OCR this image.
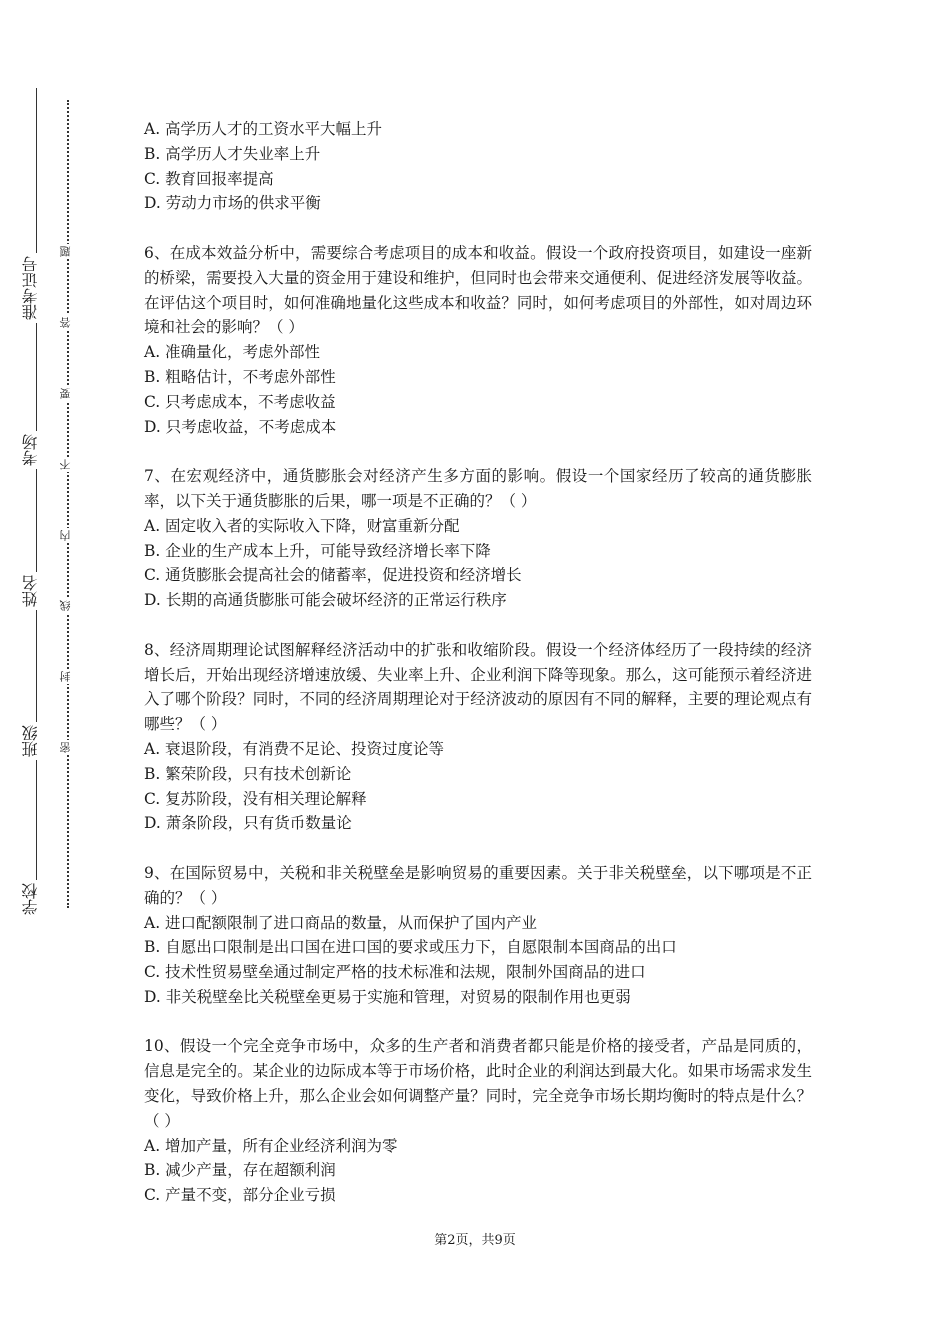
学校
班级
姓名
考场
准考证号
密
封
线
内
不
要
答
题
A. 高学历人才的工资水平大幅上升
B. 高学历人才失业率上升
C. 教育回报率提高
D. 劳动力市场的供求平衡
6、在成本效益分析中，需要综合考虑项目的成本和收益。假设一个政府投资项目，如建设一座新的桥梁，需要投入大量的资金用于建设和维护，但同时也会带来交通便利、促进经济发展等收益。在评估这个项目时，如何准确地量化这些成本和收益？同时，如何考虑项目的外部性，如对周边环境和社会的影响？（ ）
A. 准确量化，考虑外部性
B. 粗略估计，不考虑外部性
C. 只考虑成本，不考虑收益
D. 只考虑收益，不考虑成本
7、在宏观经济中，通货膨胀会对经济产生多方面的影响。假设一个国家经历了较高的通货膨胀率，以下关于通货膨胀的后果，哪一项是不正确的？（ ）
A. 固定收入者的实际收入下降，财富重新分配
B. 企业的生产成本上升，可能导致经济增长率下降
C. 通货膨胀会提高社会的储蓄率，促进投资和经济增长
D. 长期的高通货膨胀可能会破坏经济的正常运行秩序
8、经济周期理论试图解释经济活动中的扩张和收缩阶段。假设一个经济体经历了一段持续的经济增长后，开始出现经济增速放缓、失业率上升、企业利润下降等现象。那么，这可能预示着经济进入了哪个阶段？同时，不同的经济周期理论对于经济波动的原因有不同的解释，主要的理论观点有哪些？（ ）
A. 衰退阶段，有消费不足论、投资过度论等
B. 繁荣阶段，只有技术创新论
C. 复苏阶段，没有相关理论解释
D. 萧条阶段，只有货币数量论
9、在国际贸易中，关税和非关税壁垒是影响贸易的重要因素。关于非关税壁垒，以下哪项是不正确的？（ ）
A. 进口配额限制了进口商品的数量，从而保护了国内产业
B. 自愿出口限制是出口国在进口国的要求或压力下，自愿限制本国商品的出口
C. 技术性贸易壁垒通过制定严格的技术标准和法规，限制外国商品的进口
D. 非关税壁垒比关税壁垒更易于实施和管理，对贸易的限制作用也更弱
10、假设一个完全竞争市场中，众多的生产者和消费者都只能是价格的接受者，产品是同质的，信息是完全的。某企业的边际成本等于市场价格，此时企业的利润达到最大化。如果市场需求发生变化，导致价格上升，那么企业会如何调整产量？同时，完全竞争市场长期均衡时的特点是什么？（ ）
A. 增加产量，所有企业经济利润为零
B. 减少产量，存在超额利润
C. 产量不变，部分企业亏损
第2页，共9页
